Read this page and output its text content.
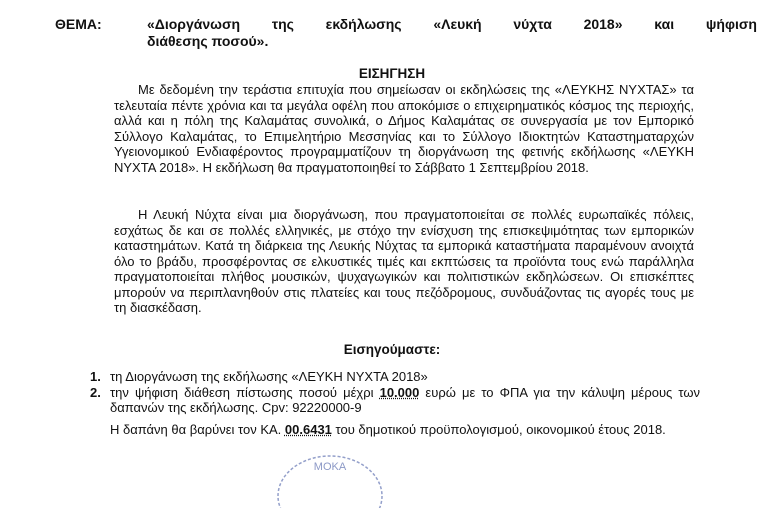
ΘΕΜΑ:	«Διοργάνωση της εκδήλωσης «Λευκή νύχτα 2018» και ψήφιση
διάθεσης ποσού».
ΕΙΣΗΓΗΣΗ
Με δεδομένη την τεράστια επιτυχία που σημείωσαν οι εκδηλώσεις της «ΛΕΥΚΗΣ ΝΥΧΤΑΣ» τα τελευταία πέντε χρόνια και τα μεγάλα οφέλη που αποκόμισε ο επιχειρηματικός κόσμος της περιοχής, αλλά και η πόλη της Καλαμάτας συνολικά, ο Δήμος Καλαμάτας σε συνεργασία με τον Εμπορικό Σύλλογο Καλαμάτας, το Επιμελητήριο Μεσσηνίας και το Σύλλογο Ιδιοκτητών Καταστηματαρχών Υγειονομικού Ενδιαφέροντος προγραμματίζουν τη διοργάνωση της φετινής εκδήλωσης «ΛΕΥΚΗ ΝΥΧΤΑ 2018». Η εκδήλωση θα πραγματοποιηθεί το Σάββατο 1 Σεπτεμβρίου 2018.
Η Λευκή Νύχτα είναι μια διοργάνωση, που πραγματοποιείται σε πολλές ευρωπαϊκές πόλεις, εσχάτως δε και σε πολλές ελληνικές, με στόχο την ενίσχυση της επισκεψιμότητας των εμπορικών καταστημάτων. Κατά τη διάρκεια της Λευκής Νύχτας τα εμπορικά καταστήματα παραμένουν ανοιχτά όλο το βράδυ, προσφέροντας σε ελκυστικές τιμές και εκπτώσεις τα προϊόντα τους ενώ παράλληλα πραγματοποιείται πλήθος μουσικών, ψυχαγωγικών και πολιτιστικών εκδηλώσεων. Οι επισκέπτες μπορούν να περιπλανηθούν στις πλατείες και τους πεζόδρομους, συνδυάζοντας τις αγορές τους με τη διασκέδαση.
Εισηγούμαστε:
1. τη Διοργάνωση της εκδήλωσης «ΛΕΥΚΗ ΝΥΧΤΑ 2018»
2. την ψήφιση διάθεση πίστωσης ποσού μέχρι 10.000 ευρώ με το ΦΠΑ για την κάλυψη μέρους των δαπανών της εκδήλωσης. Cpv: 92220000-9
Η δαπάνη θα βαρύνει τον ΚΑ. 00.6431 του δημοτικού προϋπολογισμού, οικονομικού έτους 2018.
ΜΟΚΑ
